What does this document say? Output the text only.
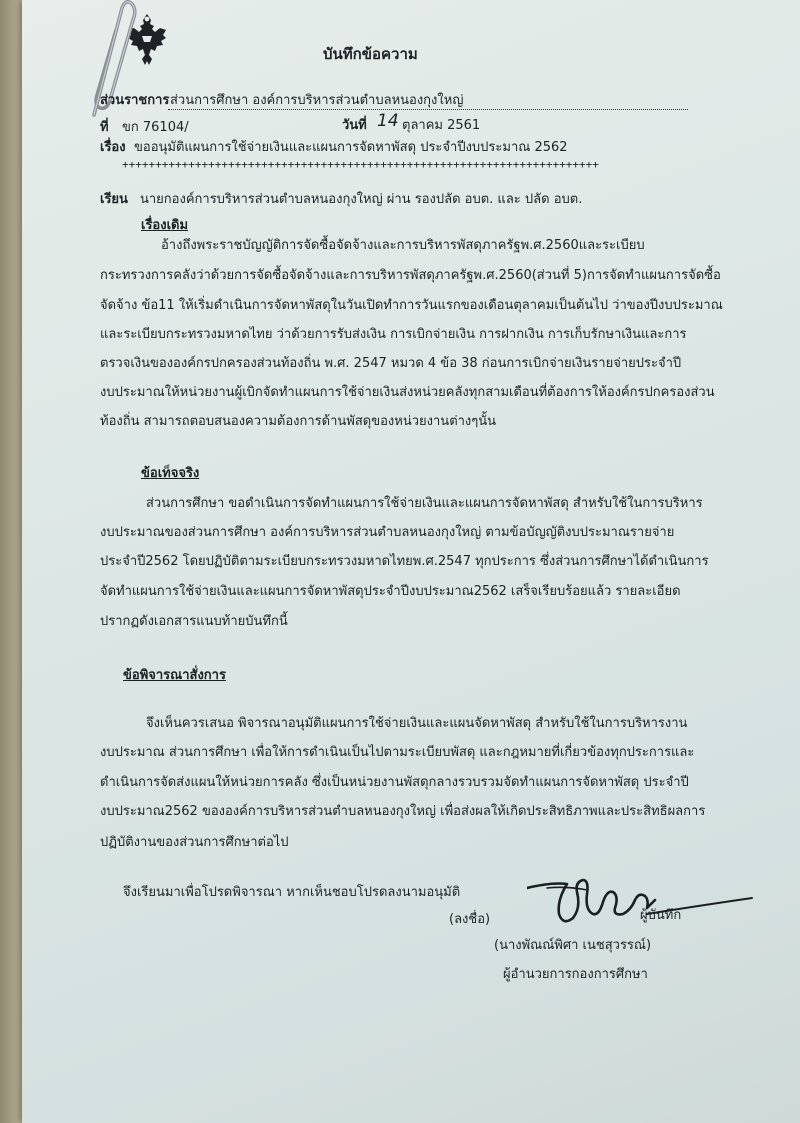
บันทึกข้อความ
ส่วนราชการ ส่วนการศึกษา องค์การบริหารส่วนตำบลหนองกุงใหญ่
ที่ ขก 76104/	วันที่ 14 ตุลาคม 2561
เรื่อง ขออนุมัติแผนการใช้จ่ายเงินและแผนการจัดหาพัสดุ ประจำปีงบประมาณ 2562
++++++++++++++++++++++++++++++++++++++++++++++++++++++++++++++++++++++++
เรียน นายกองค์การบริหารส่วนตำบลหนองกุงใหญ่ ผ่าน รองปลัด อบต. และ ปลัด อบต.
เรื่องเดิม
อ้างถึงพระราชบัญญัติการจัดซื้อจัดจ้างและการบริหารพัสดุภาครัฐพ.ศ.2560และระเบียบ
กระทรวงการคลังว่าด้วยการจัดซื้อจัดจ้างและการบริหารพัสดุภาครัฐพ.ศ.2560(ส่วนที่ 5)การจัดทำแผนการจัดซื้อ
จัดจ้าง ข้อ11 ให้เริ่มดำเนินการจัดหาพัสดุในวันเปิดทำการวันแรกของเดือนตุลาคมเป็นต้นไป ว่าของปีงบประมาณ
และระเบียบกระทรวงมหาดไทย ว่าด้วยการรับส่งเงิน การเบิกจ่ายเงิน การฝากเงิน การเก็บรักษาเงินและการ
ตรวจเงินขององค์กรปกครองส่วนท้องถิ่น พ.ศ. 2547 หมวด 4 ข้อ 38 ก่อนการเบิกจ่ายเงินรายจ่ายประจำปี
งบประมาณให้หน่วยงานผู้เบิกจัดทำแผนการใช้จ่ายเงินส่งหน่วยคลังทุกสามเดือนที่ต้องการให้องค์กรปกครองส่วน
ท้องถิ่น สามารถตอบสนองความต้องการด้านพัสดุของหน่วยงานต่างๆนั้น
ข้อเท็จจริง
ส่วนการศึกษา ขอดำเนินการจัดทำแผนการใช้จ่ายเงินและแผนการจัดหาพัสดุ สำหรับใช้ในการบริหาร
งบประมาณของส่วนการศึกษา องค์การบริหารส่วนตำบลหนองกุงใหญ่ ตามข้อบัญญัติงบประมาณรายจ่าย
ประจำปี2562 โดยปฏิบัติตามระเบียบกระทรวงมหาดไทยพ.ศ.2547 ทุกประการ ซึ่งส่วนการศึกษาได้ดำเนินการ
จัดทำแผนการใช้จ่ายเงินและแผนการจัดหาพัสดุประจำปีงบประมาณ2562 เสร็จเรียบร้อยแล้ว รายละเอียด
ปรากฏดังเอกสารแนบท้ายบันทึกนี้
ข้อพิจารณาสั่งการ
จึงเห็นควรเสนอ พิจารณาอนุมัติแผนการใช้จ่ายเงินและแผนจัดหาพัสดุ สำหรับใช้ในการบริหารงาน
งบประมาณ ส่วนการศึกษา เพื่อให้การดำเนินเป็นไปตามระเบียบพัสดุ และกฎหมายที่เกี่ยวข้องทุกประการและ
ดำเนินการจัดส่งแผนให้หน่วยการคลัง ซึ่งเป็นหน่วยงานพัสดุกลางรวบรวมจัดทำแผนการจัดหาพัสดุ ประจำปี
งบประมาณ2562 ขององค์การบริหารส่วนตำบลหนองกุงใหญ่ เพื่อส่งผลให้เกิดประสิทธิภาพและประสิทธิผลการ
ปฏิบัติงานของส่วนการศึกษาต่อไป
จึงเรียนมาเพื่อโปรดพิจารณา หากเห็นชอบโปรดลงนามอนุมัติ
(ลงชื่อ)	ผู้บันทึก
(นางพัณณ์พิศา เนชสุวรรณ์)
ผู้อำนวยการกองการศึกษา
